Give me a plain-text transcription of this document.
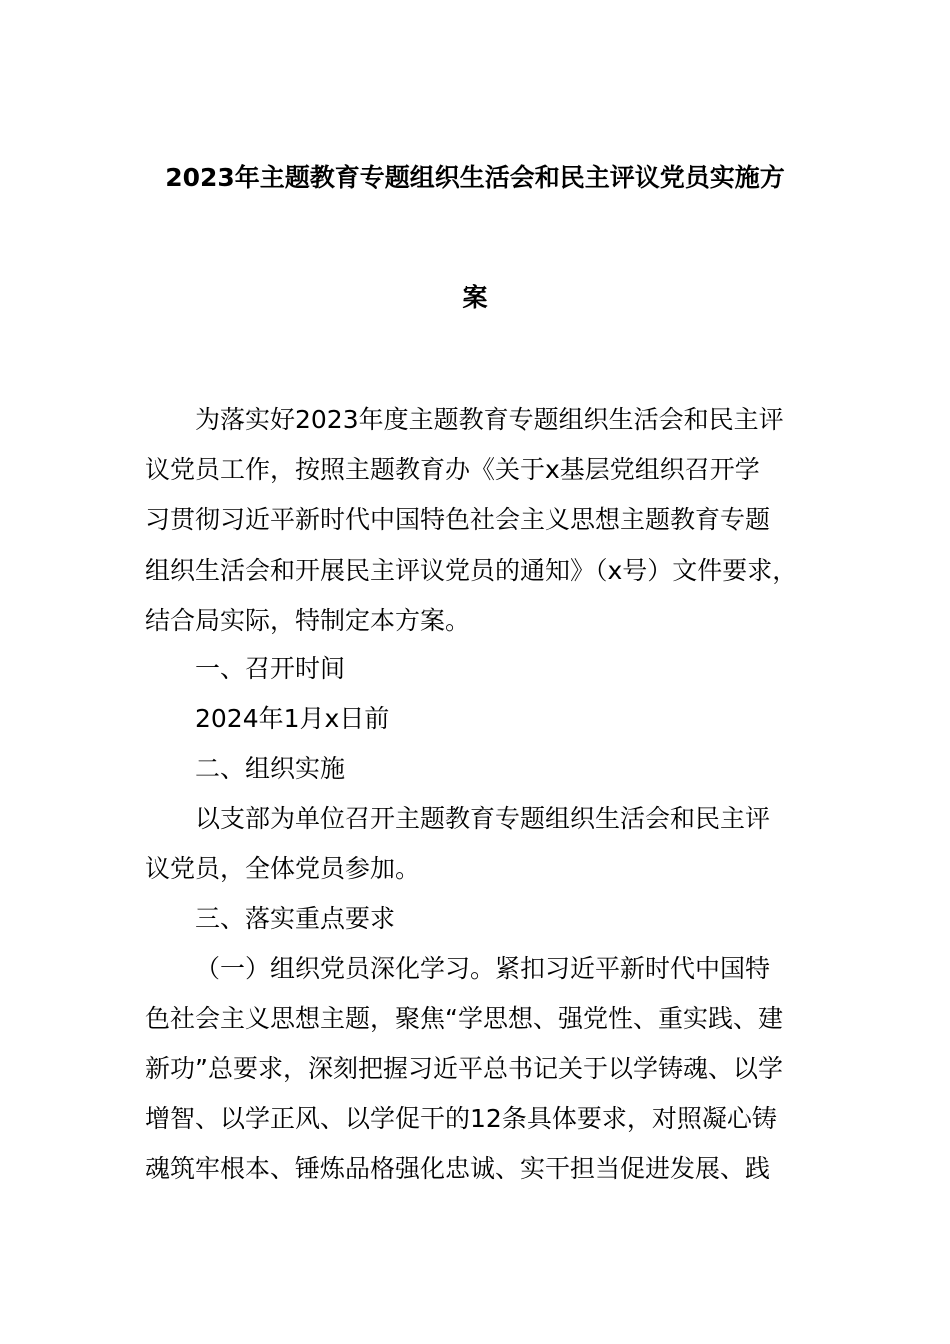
2023年主题教育专题组织生活会和民主评议党员实施方
案
为落实好2023年度主题教育专题组织生活会和民主评
议党员工作，按照主题教育办《关于x基层党组织召开学
习贯彻习近平新时代中国特色社会主义思想主题教育专题
组织生活会和开展民主评议党员的通知》（x号）文件要求，
结合局实际，特制定本方案。
一、召开时间
2024年1月x日前
二、组织实施
以支部为单位召开主题教育专题组织生活会和民主评
议党员，全体党员参加。
三、落实重点要求
（一）组织党员深化学习。紧扣习近平新时代中国特
色社会主义思想主题，聚焦“学思想、强党性、重实践、建
新功”总要求，深刻把握习近平总书记关于以学铸魂、以学
增智、以学正风、以学促干的12条具体要求，对照凝心铸
魂筑牢根本、锤炼品格强化忠诚、实干担当促进发展、践
